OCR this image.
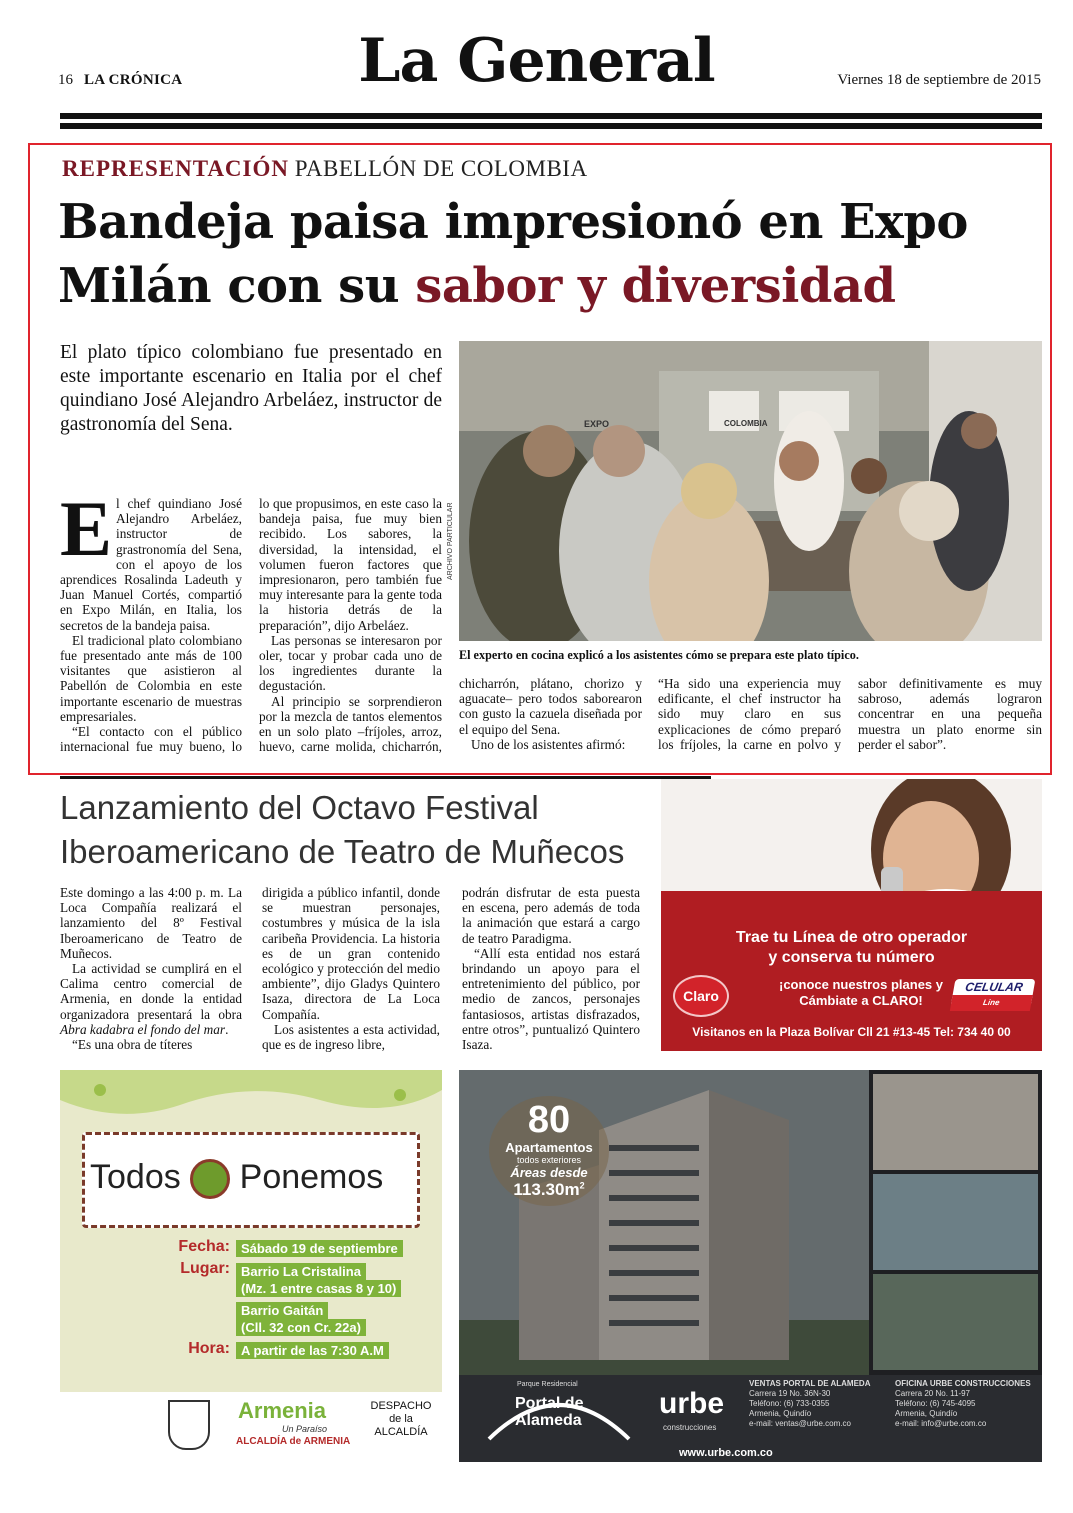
16 LA CRÓNICA	La General	Viernes 18 de septiembre de 2015
REPRESENTACIÓN PABELLÓN DE COLOMBIA
Bandeja paisa impresionó en Expo Milán con su sabor y diversidad
El plato típico colombiano fue presentado en este importante escenario en Italia por el chef quindiano José Alejandro Arbeláez, instructor de gastronomía del Sena.

El chef quindiano José Alejandro Arbeláez, instructor de grastronomía del Sena, con el apoyo de los aprendices Rosalinda Ladeuth y Juan Manuel Cortés, compartió en Expo Milán, en Italia, los secretos de la bandeja paisa.

El tradicional plato colombiano fue presentado ante más de 100 visitantes que asistieron al Pabellón de Colombia en este importante escenario de muestras empresariales.

“El contacto con el público internacional fue muy bueno, lo

lo que propusimos, en este caso la bandeja paisa, fue muy bien recibido. Los sabores, la diversidad, la intensidad, el volumen fueron factores que impresionaron, pero también fue muy interesante para la gente toda la historia detrás de la preparación”, dijo Arbeláez.

Las personas se interesaron por oler, tocar y probar cada uno de los ingredientes durante la degustación.

Al principio se sorprendieron por la mezcla de tantos elementos en un solo plato –fríjoles, arroz, huevo, carne molida, chicharrón,

chicharrón, plátano, chorizo y aguacate– pero todos saborearon con gusto la cazuela diseñada por el equipo del Sena.

Uno de los asistentes afirmó:

“Ha sido una experiencia muy edificante, el chef instructor ha sido muy claro en sus explicaciones de cómo preparó los fríjoles, la carne en polvo y

sabor definitivamente es muy sabroso, además lograron concentrar en una pequeña muestra un plato enorme sin perder el sabor”.

EXPO	COLOMBIA
ARCHIVO PARTICULAR
El experto en cocina explicó a los asistentes cómo se prepara este plato típico.
Lanzamiento del Octavo Festival Iberoamericano de Teatro de Muñecos

Este domingo a las 4:00 p. m. La Loca Compañía realizará el lanzamiento del 8º Festival Iberoamericano de Teatro de Muñecos.

La actividad se cumplirá en el Calima centro comercial de Armenia, en donde la entidad organizadora presentará la obra Abra kadabra el fondo del mar.

“Es una obra de títeres

dirigida a público infantil, donde se muestran personajes, costumbres y música de la isla caribeña Providencia. La historia es de un gran contenido ecológico y protección del medio ambiente”, dijo Gladys Quintero Isaza, directora de La Loca Compañía.

Los asistentes a esta actividad, que es de ingreso libre,

podrán disfrutar de esta puesta en escena, pero además de toda la animación que estará a cargo de teatro Paradigma.

“Allí esta entidad nos estará brindando un apoyo para el entretenimiento del público, por medio de zancos, personajes fantasiosos, artistas disfrazados, entre otros”, puntualizó Quintero Isaza.

Trae tu Línea de otro operador
y conserva tu número
¡conoce nuestros planes y
Cámbiate a CLARO!
Claro
CELULAR
Line
Visitanos en la Plaza Bolívar Cll 21 #13-45 Tel: 734 40 00
Todos Ponemos
Fecha: Sábado 19 de septiembre
Lugar: Barrio La Cristalina
(Mz. 1 entre casas 8 y 10)
Barrio Gaitán
(Cll. 32 con Cr. 22a)
Hora: A partir de las 7:30 A.M
Armenia
Un Paraíso
ALCALDÍA de ARMENIA
DESPACHO
de la
ALCALDÍA
80
Apartamentos
todos exteriores
Áreas desde
$113.30m^2$
Parque Residencial
Portal de
Alameda
urbe
construcciones
VENTAS PORTAL DE ALAMEDA
Carrera 19 No. 36N-30
Teléfono: (6) 733-0355
Armenia, Quindío
e-mail: ventas@urbe.com.co
OFICINA URBE CONSTRUCCIONES
Carrera 20 No. 11-97
Teléfono: (6) 745-4095
Armenia, Quindío
e-mail: info@urbe.com.co
www.urbe.com.co
